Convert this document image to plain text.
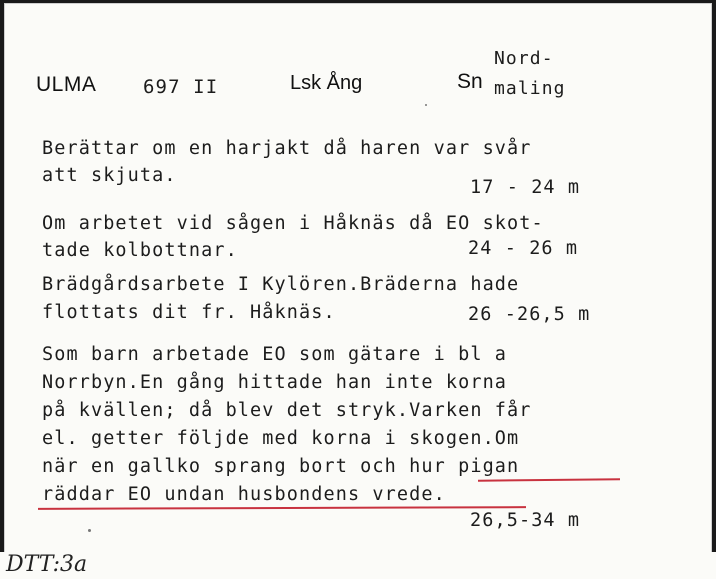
ULMA 697 II	Lsk Ång	Sn
Nord-
maling
Berättar om en harjakt då haren var svår
att skjuta.
17 - 24 m
Om arbetet vid sågen i Håknäs då EO skot-
tade kolbottnar.	24 - 26 m
Brädgårdsarbete I Kylören.Bräderna hade
flottats dit fr. Håknäs.	26 -26,5 m
Som barn arbetade EO som gätare i bl a
Norrbyn.En gång hittade han inte korna
på kvällen; då blev det stryk.Varken får
el. getter följde med korna i skogen.Om
när en gallko sprang bort och hur pigan
räddar EO undan husbondens vrede.
26,5-34 m
DTT:3a
